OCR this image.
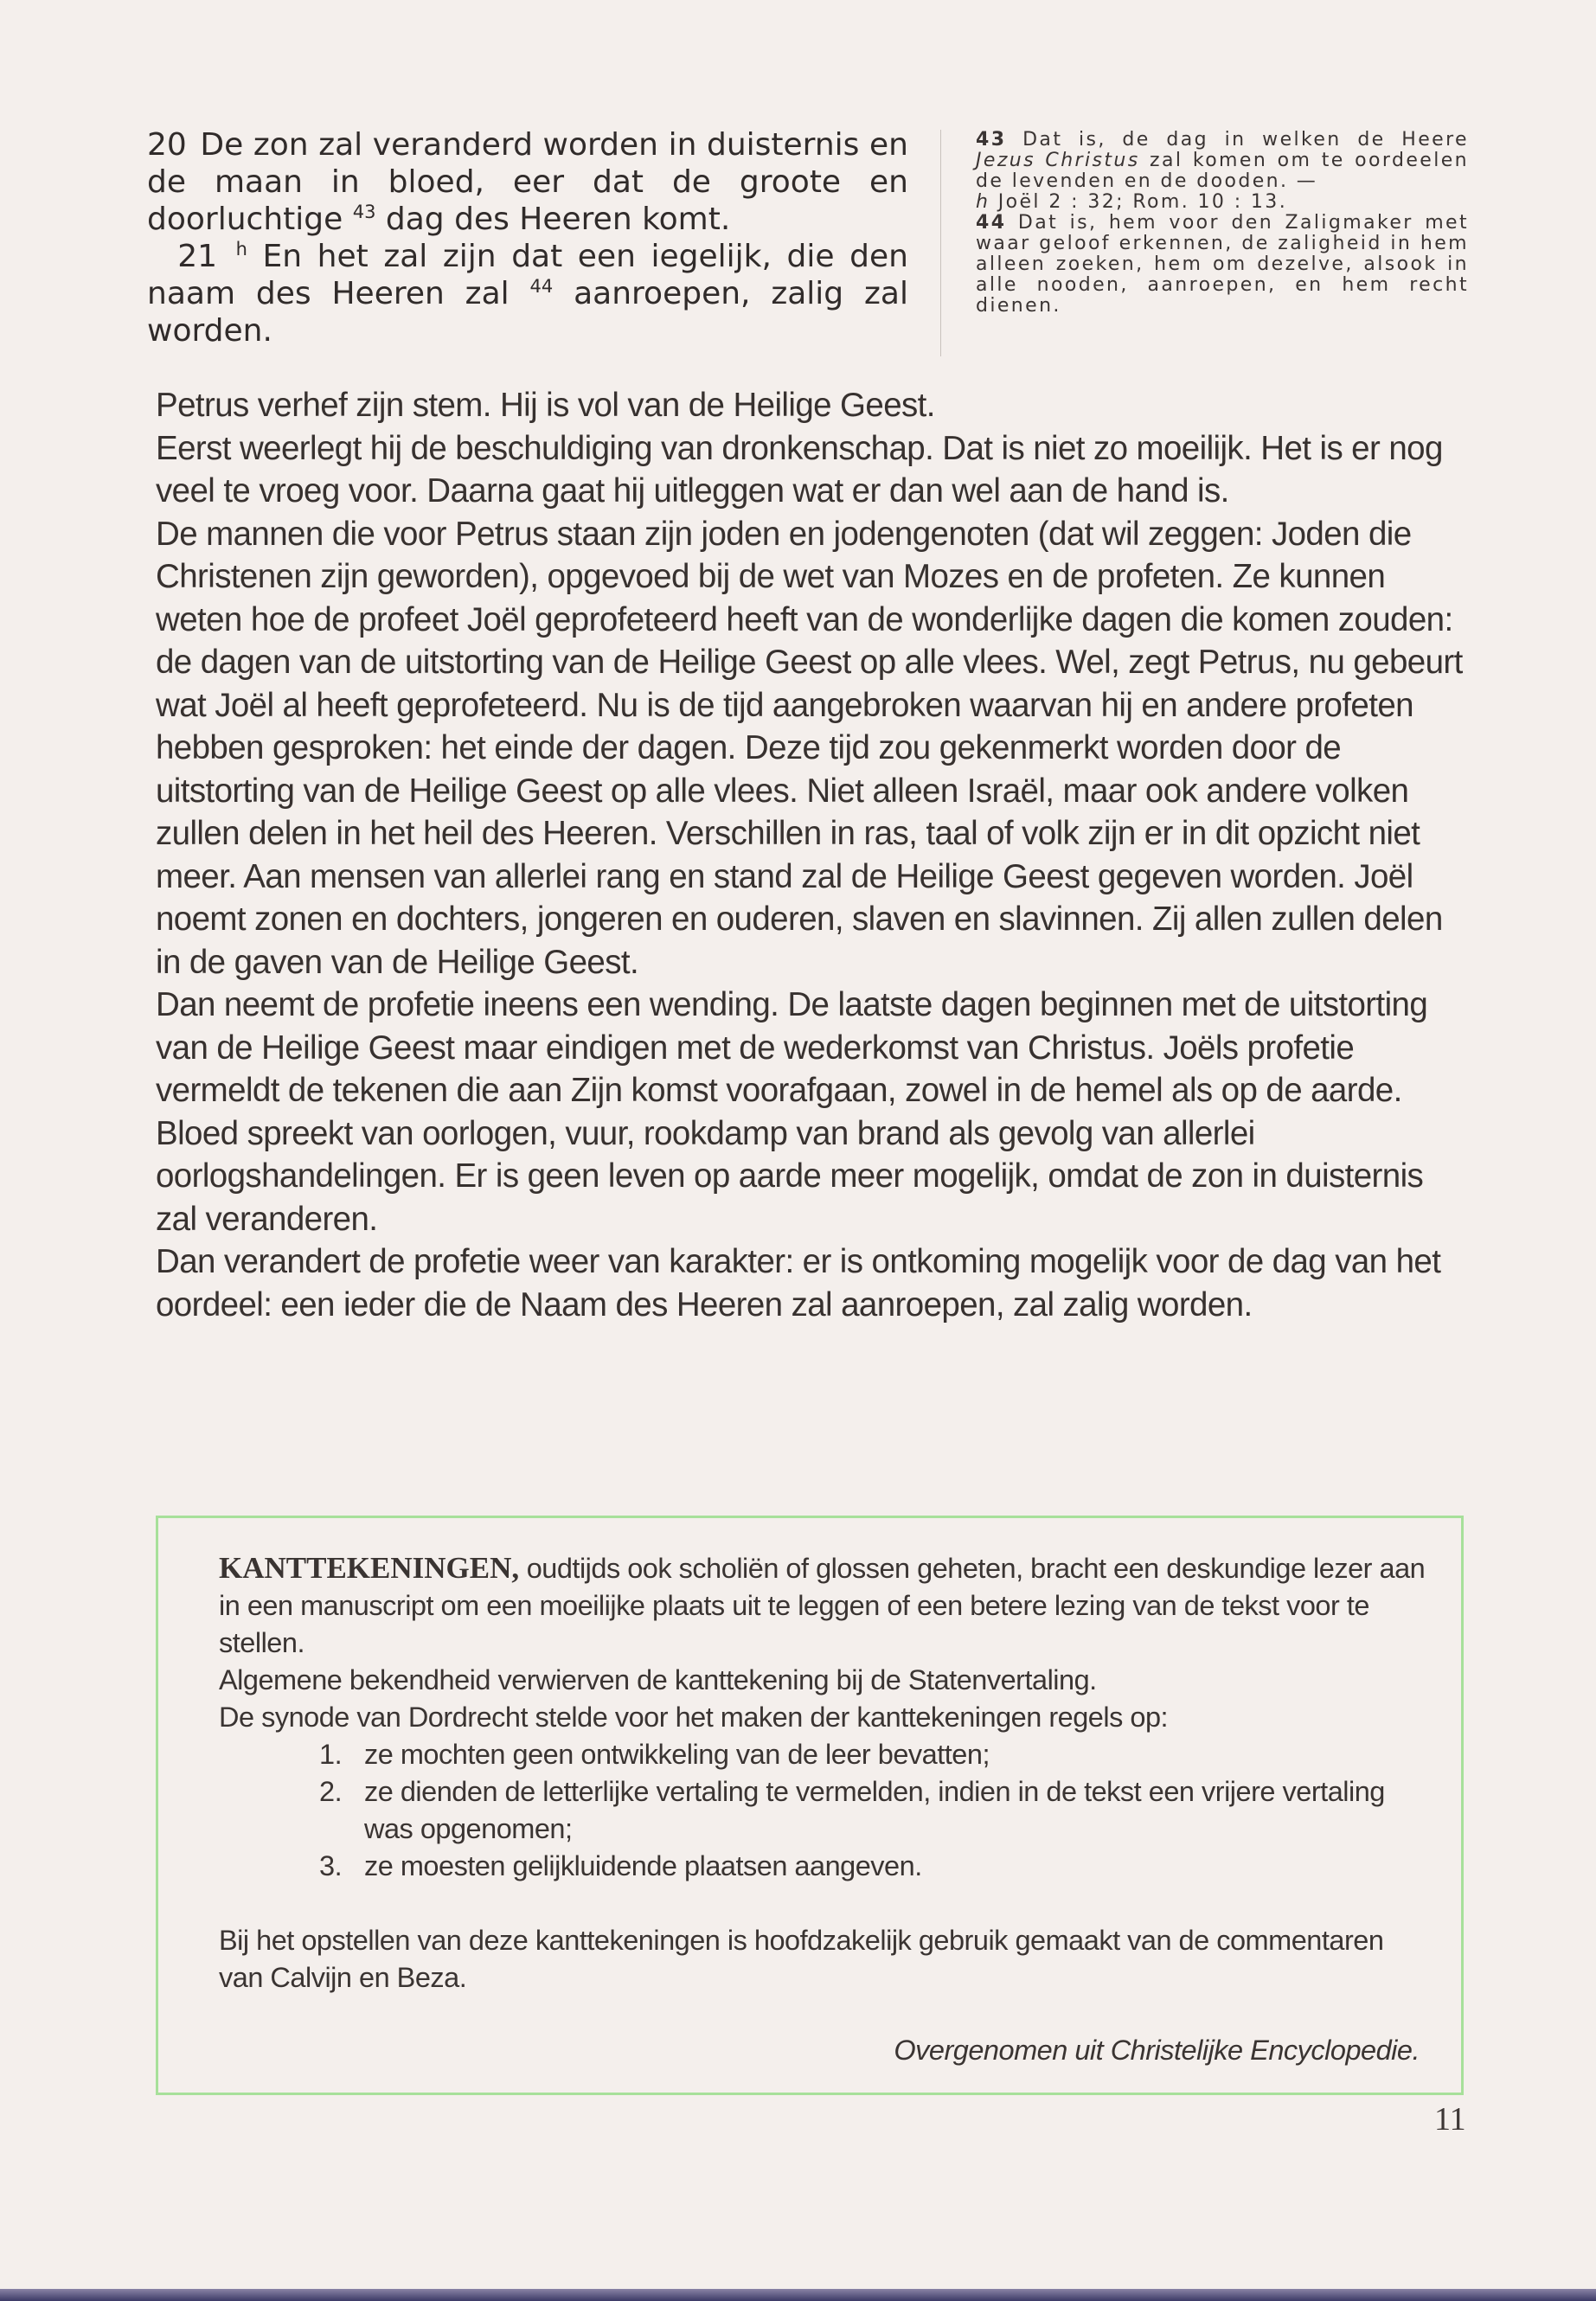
20 De zon zal veranderd worden in duisternis en de maan in bloed, eer dat de groote en doorluchtige $^{43}$ dag des Heeren komt.

21 $^h$ En het zal zijn dat een iegelijk, die den naam des Heeren zal $^{44}$ aanroepen, zalig zal worden.

43 Dat is, de dag in welken de Heere Jezus Christus zal komen om te oordeelen de levenden en de dooden. —

h Joël 2 : 32; Rom. 10 : 13.

44 Dat is, hem voor den Zaligmaker met waar geloof erkennen, de zaligheid in hem alleen zoeken, hem om dezelve, alsook in alle nooden, aanroepen, en hem recht dienen.

Petrus verhef zijn stem. Hij is vol van de Heilige Geest.

Eerst weerlegt hij de beschuldiging van dronkenschap. Dat is niet zo moeilijk. Het is er nog veel te vroeg voor. Daarna gaat hij uitleggen wat er dan wel aan de hand is.

De mannen die voor Petrus staan zijn joden en jodengenoten (dat wil zeggen: Joden die Christenen zijn geworden), opgevoed bij de wet van Mozes en de profeten. Ze kunnen weten hoe de profeet Joël geprofeteerd heeft van de wonderlijke dagen die komen zouden: de dagen van de uitstorting van de Heilige Geest op alle vlees. Wel, zegt Petrus, nu gebeurt wat Joël al heeft geprofeteerd. Nu is de tijd aangebroken waarvan hij en andere profeten hebben gesproken: het einde der dagen. Deze tijd zou gekenmerkt worden door de uitstorting van de Heilige Geest op alle vlees. Niet alleen Israël, maar ook andere volken zullen delen in het heil des Heeren. Verschillen in ras, taal of volk zijn er in dit opzicht niet meer. Aan mensen van allerlei rang en stand zal de Heilige Geest gegeven worden. Joël noemt zonen en dochters, jongeren en ouderen, slaven en slavinnen. Zij allen zullen delen in de gaven van de Heilige Geest.

Dan neemt de profetie ineens een wending. De laatste dagen beginnen met de uitstorting van de Heilige Geest maar eindigen met de wederkomst van Christus. Joëls profetie vermeldt de tekenen die aan Zijn komst voorafgaan, zowel in de hemel als op de aarde.

Bloed spreekt van oorlogen, vuur, rookdamp van brand als gevolg van allerlei oorlogshandelingen. Er is geen leven op aarde meer mogelijk, omdat de zon in duisternis zal veranderen.

Dan verandert de profetie weer van karakter: er is ontkoming mogelijk voor de dag van het oordeel: een ieder die de Naam des Heeren zal aanroepen, zal zalig worden.

KANTTEKENINGEN, oudtijds ook scholiën of glossen geheten, bracht een deskundige lezer aan in een manuscript om een moeilijke plaats uit te leggen of een betere lezing van de tekst voor te stellen.

Algemene bekendheid verwierven de kanttekening bij de Statenvertaling.

De synode van Dordrecht stelde voor het maken der kanttekeningen regels op:

1. ze mochten geen ontwikkeling van de leer bevatten;
2. ze dienden de letterlijke vertaling te vermelden, indien in de tekst een vrijere vertaling was opgenomen;
3. ze moesten gelijkluidende plaatsen aangeven.

Bij het opstellen van deze kanttekeningen is hoofdzakelijk gebruik gemaakt van de commentaren van Calvijn en Beza.

Overgenomen uit Christelijke Encyclopedie.
11
